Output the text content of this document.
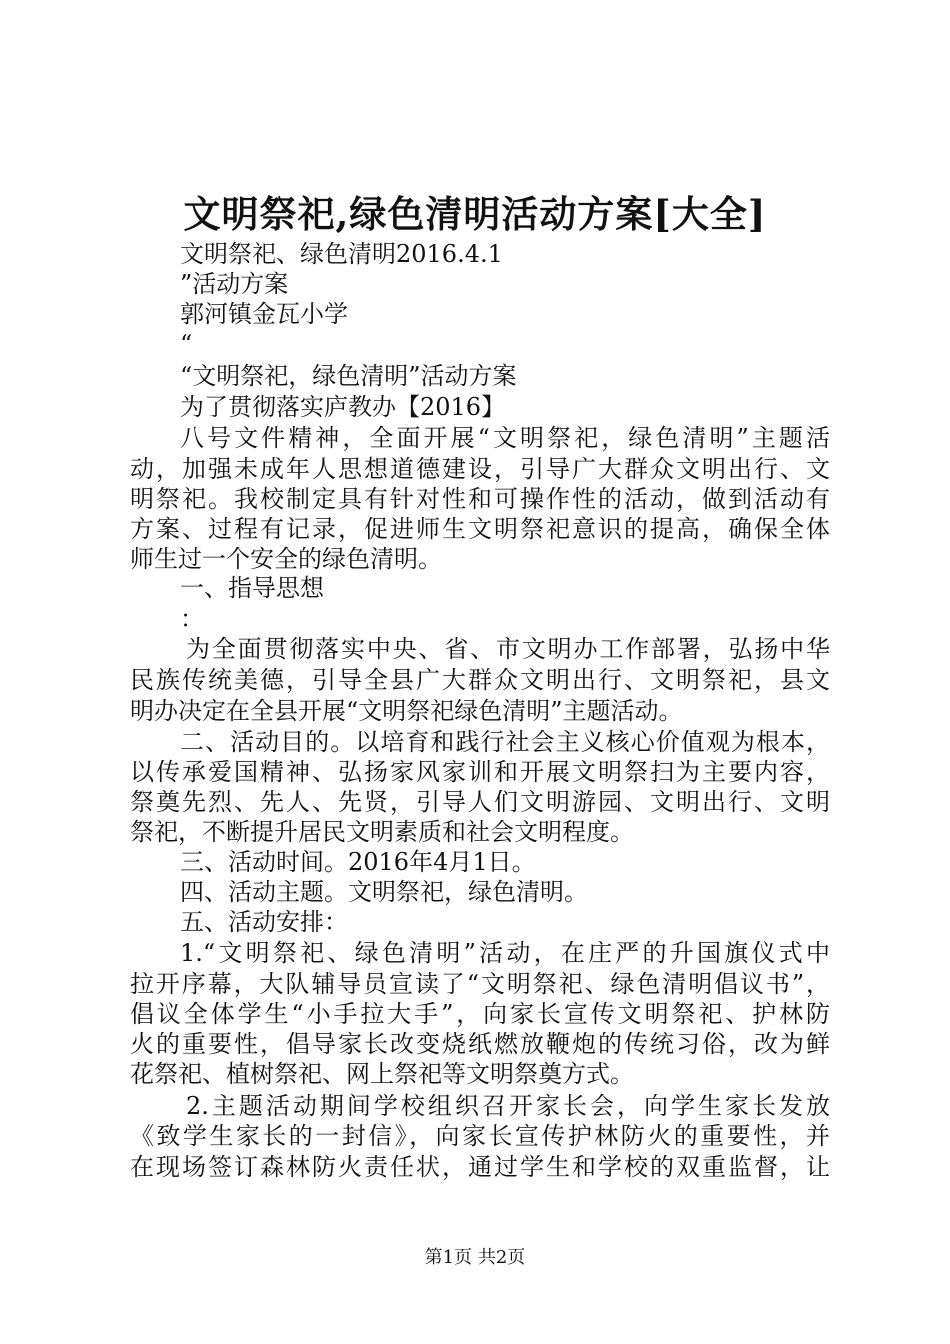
文明祭祀,绿色清明活动方案[大全]
文明祭祀、绿色清明2016.4.1
”活动方案
郭河镇金瓦小学
“
“文明祭祀，绿色清明”活动方案
为了贯彻落实庐教办【2016】
八号文件精神，全面开展“文明祭祀，绿色清明”主题活
动，加强未成年人思想道德建设，引导广大群众文明出行、文
明祭祀。我校制定具有针对性和可操作性的活动，做到活动有
方案、过程有记录，促进师生文明祭祀意识的提高，确保全体
师生过一个安全的绿色清明。
一、指导思想
：
为全面贯彻落实中央、省、市文明办工作部署，弘扬中华
民族传统美德，引导全县广大群众文明出行、文明祭祀，县文
明办决定在全县开展“文明祭祀绿色清明”主题活动。
二、活动目的。以培育和践行社会主义核心价值观为根本，
以传承爱国精神、弘扬家风家训和开展文明祭扫为主要内容，
祭奠先烈、先人、先贤，引导人们文明游园、文明出行、文明
祭祀，不断提升居民文明素质和社会文明程度。
三、活动时间。2016年4月1日。
四、活动主题。文明祭祀，绿色清明。
五、活动安排：
1.“文明祭祀、绿色清明”活动，在庄严的升国旗仪式中
拉开序幕，大队辅导员宣读了“文明祭祀、绿色清明倡议书”，
倡议全体学生“小手拉大手”，向家长宣传文明祭祀、护林防
火的重要性，倡导家长改变烧纸燃放鞭炮的传统习俗，改为鲜
花祭祀、植树祭祀、网上祭祀等文明祭奠方式。
2.主题活动期间学校组织召开家长会，向学生家长发放
《致学生家长的一封信》，向家长宣传护林防火的重要性，并
在现场签订森林防火责任状，通过学生和学校的双重监督，让
第1页 共2页
